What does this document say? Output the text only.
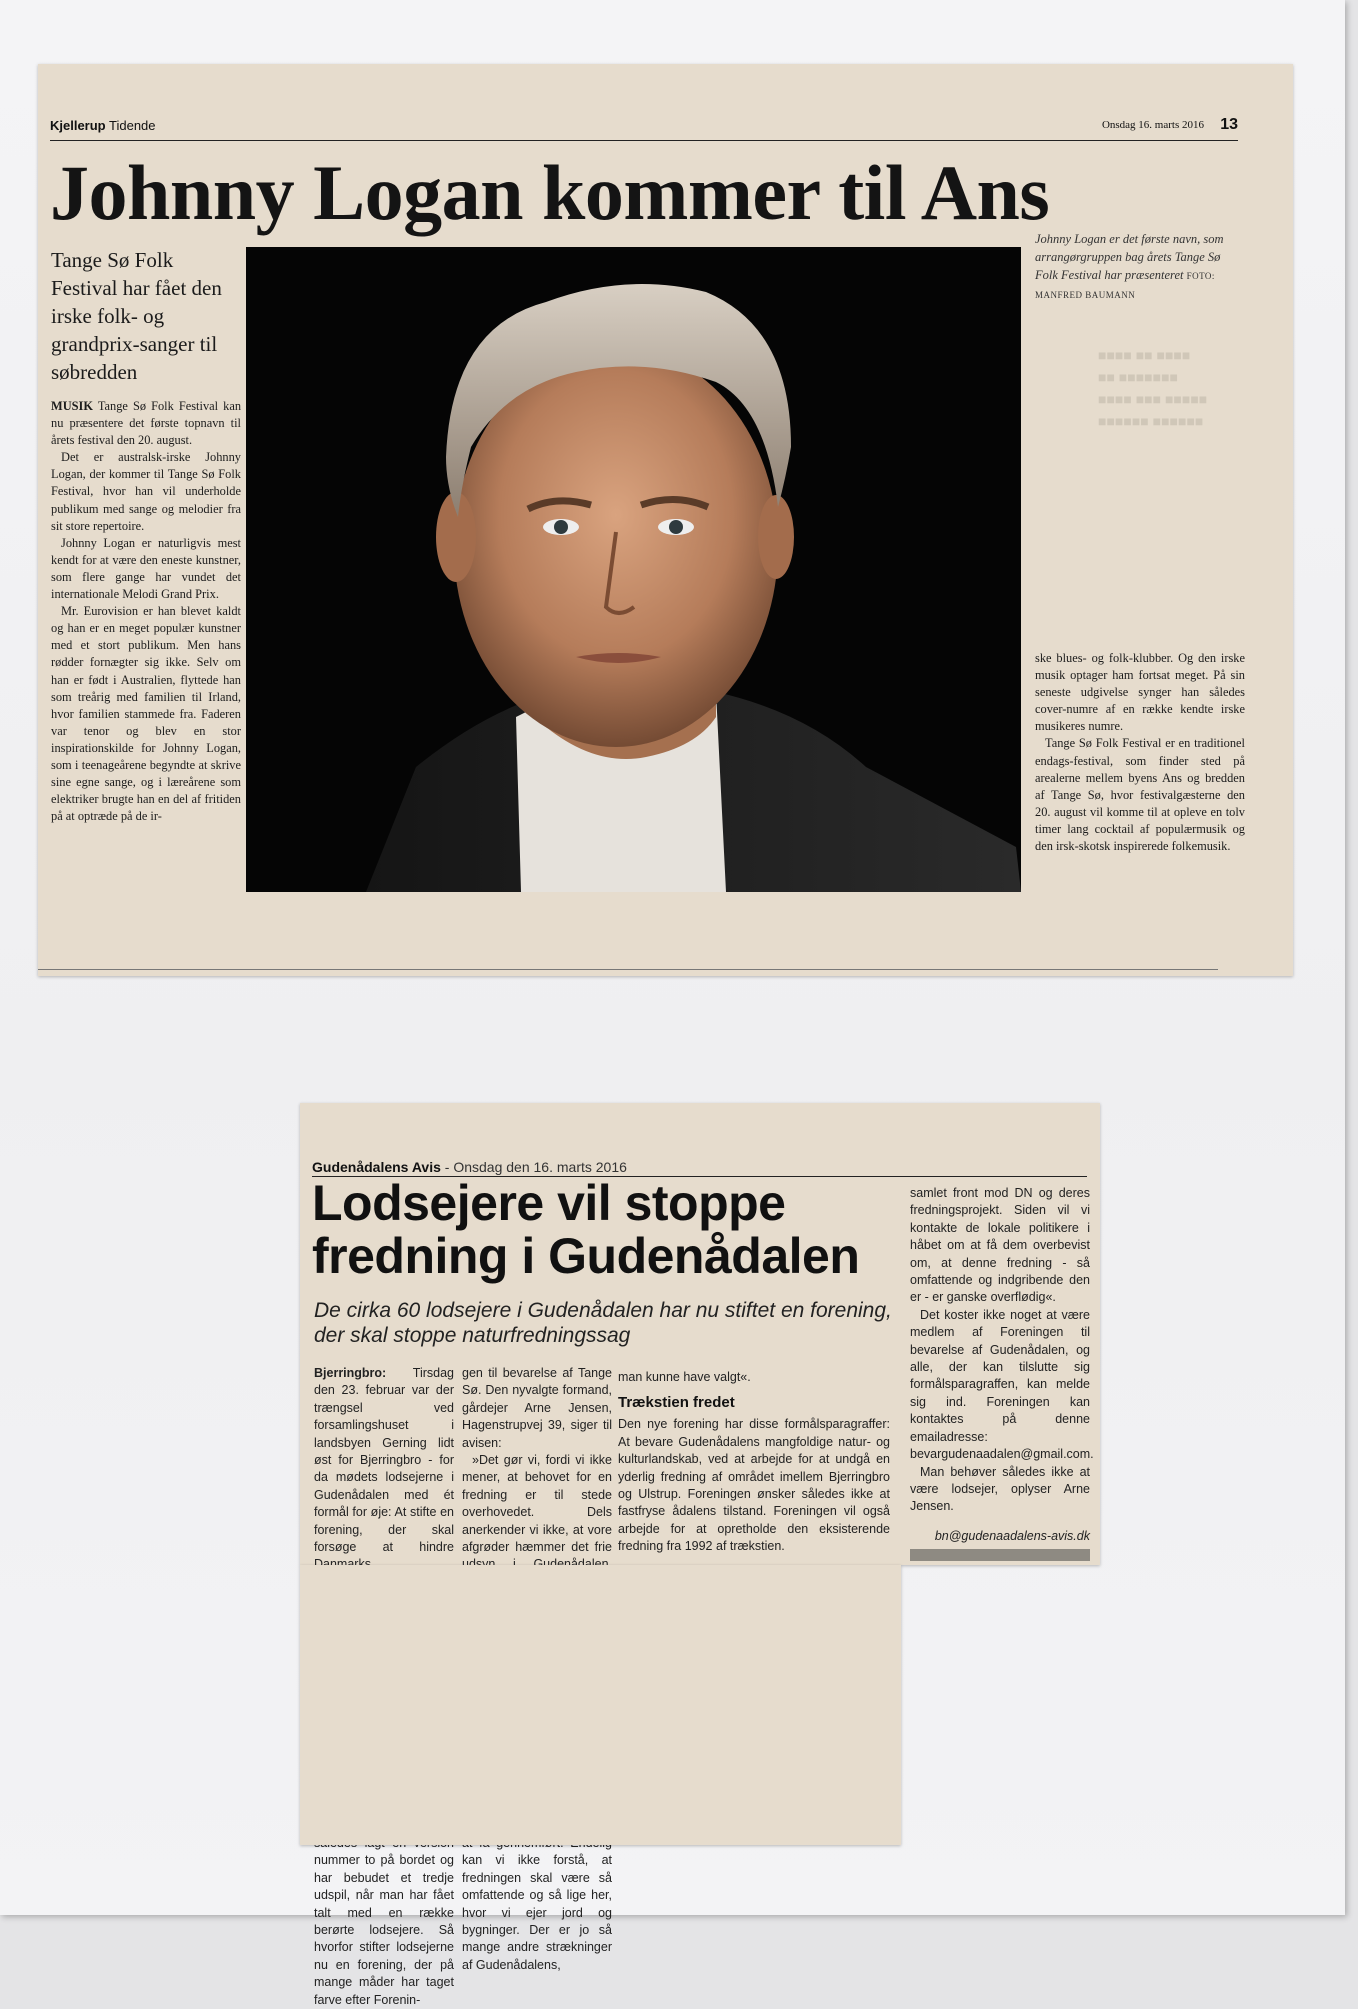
■■■■ ■■ ■■■■
■■ ■■■■■■■
■■■■ ■■■ ■■■■■
■■■■■■ ■■■■■■
Kjellerup Tidende	Onsdag 16. marts 2016 13
Johnny Logan kommer til Ans
Tange Sø Folk Festival har fået den irske folk- og grandprix-sanger til søbredden

MUSIK Tange Sø Folk Festival kan nu præsentere det første topnavn til årets festival den 20. august.

Det er australsk-irske Johnny Logan, der kommer til Tange Sø Folk Festival, hvor han vil underholde publikum med sange og melodier fra sit store repertoire.

Johnny Logan er naturligvis mest kendt for at være den eneste kunstner, som flere gange har vundet det internationale Melodi Grand Prix.

Mr. Eurovision er han blevet kaldt og han er en meget populær kunstner med et stort publikum. Men hans rødder fornægter sig ikke. Selv om han er født i Australien, flyttede han som treårig med familien til Irland, hvor familien stammede fra. Faderen var tenor og blev en stor inspirationskilde for Johnny Logan, som i teenageårene begyndte at skrive sine egne sange, og i læreårene som elektriker brugte han en del af fritiden på at optræde på de ir-

Johnny Logan er det første navn, som arrangørgruppen bag årets Tange Sø Folk Festival har præsenteret FOTO: MANFRED BAUMANN

ske blues- og folk-klubber. Og den irske musik optager ham fortsat meget. På sin seneste udgivelse synger han således cover-numre af en række kendte irske musikeres numre.

Tange Sø Folk Festival er en traditionel endags-festival, som finder sted på arealerne mellem byens Ans og bredden af Tange Sø, hvor festivalgæsterne den 20. august vil komme til at opleve en tolv timer lang cocktail af populærmusik og den irsk-skotsk inspirerede folkemusik.

Gudenådalens Avis - Onsdag den 16. marts 2016
Lodsejere vil stoppe fredning i Gudenådalen
De cirka 60 lodsejere i Gudenådalen har nu stiftet en forening, der skal stoppe naturfredningssag

Bjerringbro: Tirsdag den 23. februar var der trængsel ved forsamlingshuset i landsbyen Gerning lidt øst for Bjerringbro - for da mødets lodsejerne i Gudenådalen med ét formål for øje: At stifte en forening, der skal forsøge at hindre

nummer to på bordet og har bebudet et tredje udspil, når man har fået talt med en række berørte lodsejere. Så hvorfor stifter lodsejerne nu en forening, der på mange måder har taget farve efter Forenin-

gen til bevarelse af Tange Sø. Den nyvalgte formand, gårdejer Arne Jensen, Hagenstrupvej 39, siger til avisen:

»Det gør vi, fordi vi ikke mener, at behovet for en fredning er til stede overhovedet. Dels anerkender vi ikke, at vore afgrøder hæmmer det frie kan vi ikke forstå, at fredningen skal være så omfattende og så lige her, hvor vi ejer jord og bygninger. Der er jo så mange andre strækninger af Gudenådalens,

man kunne have valgt«.

Trækstien fredet

Den nye forening har disse formålsparagraffer: At bevare Gudenådalens mangfoldige natur- og kulturlandskab, ved at arbejde for at undgå en yderlig fredning af området imellem Bjerringbro og Ulstrup. Foreningen ønsker således ikke at fastfryse ådalens tilstand. Foreningen vil også arbejde for at opretholde den eksisterende fredning fra 1992 af trækstien.

samlet front mod DN og deres fredningsprojekt. Siden vil vi kontakte de lokale politikere i håbet om at få dem overbevist om, at denne fredning - så omfattende og indgribende den er - er ganske overflødig«.

Det koster ikke noget at være medlem af Foreningen til bevarelse af Gudenådalen, og alle, der kan tilslutte sig formålsparagraffen, kan melde sig ind. Foreningen kan kontaktes på denne emailadresse: bevargudenaadalen@gmail.com.

Man behøver således ikke at være lodsejer, oplyser Arne Jensen.

bn@gudenaadalens-avis.dk
